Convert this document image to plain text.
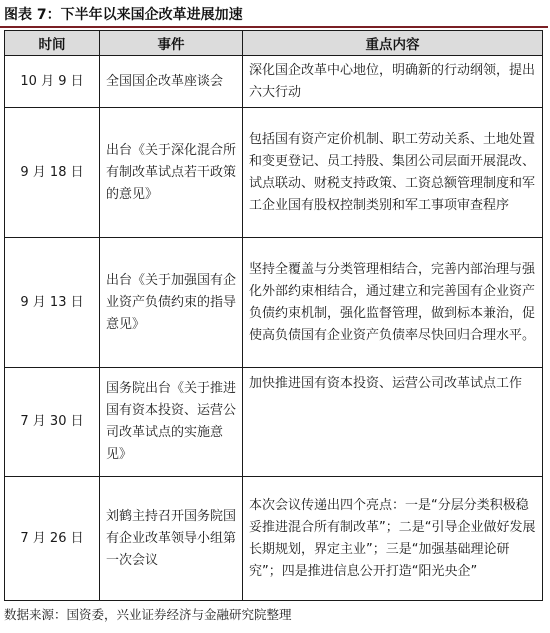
图表 7：下半年以来国企改革进展加速
时间	事件	重点内容
10 月 9 日	全国国企改革座谈会	深化国企改革中心地位，明确新的行动纲领，提出六大行动
9 月 18 日	出台《关于深化混合所有制改革试点若干政策的意见》	包括国有资产定价机制、职工劳动关系、土地处置和变更登记、员工持股、集团公司层面开展混改、试点联动、财税支持政策、工资总额管理制度和军工企业国有股权控制类别和军工事项审查程序
9 月 13 日	出台《关于加强国有企业资产负债约束的指导意见》	坚持全覆盖与分类管理相结合，完善内部治理与强化外部约束相结合，通过建立和完善国有企业资产负债约束机制，强化监督管理，做到标本兼治，促使高负债国有企业资产负债率尽快回归合理水平。
7 月 30 日	国务院出台《关于推进国有资本投资、运营公司改革试点的实施意见》	加快推进国有资本投资、运营公司改革试点工作
7 月 26 日	刘鹤主持召开国务院国有企业改革领导小组第一次会议	本次会议传递出四个亮点：一是“分层分类积极稳妥推进混合所有制改革”；二是“引导企业做好发展长期规划，界定主业”；三是“加强基础理论研究”；四是推进信息公开打造“阳光央企”
数据来源：国资委，兴业证券经济与金融研究院整理
